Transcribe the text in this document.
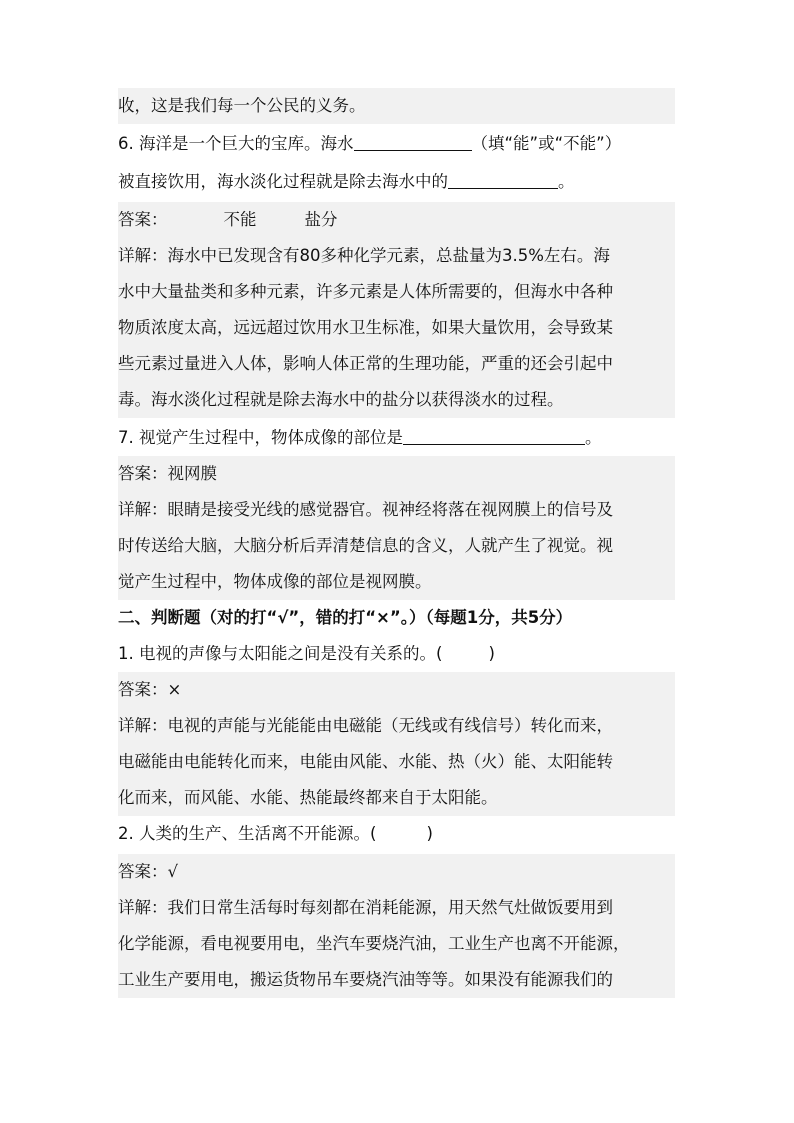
收，这是我们每一个公民的义务。
6. 海洋是一个巨大的宝库。海水	（填“能”或“不能”）
被直接饮用，海水淡化过程就是除去海水中的	。
答案：	不能	盐分
详解：海水中已发现含有80多种化学元素，总盐量为3.5%左右。海
水中大量盐类和多种元素，许多元素是人体所需要的，但海水中各种
物质浓度太高，远远超过饮用水卫生标准，如果大量饮用，会导致某
些元素过量进入人体，影响人体正常的生理功能，严重的还会引起中
毒。海水淡化过程就是除去海水中的盐分以获得淡水的过程。
7. 视觉产生过程中，物体成像的部位是	。
答案：视网膜
详解：眼睛是接受光线的感觉器官。视神经将落在视网膜上的信号及
时传送给大脑，大脑分析后弄清楚信息的含义，人就产生了视觉。视
觉产生过程中，物体成像的部位是视网膜。
二、判断题（对的打“√”，错的打“×”。）（每题1分，共5分）
1. 电视的声像与太阳能之间是没有关系的。(	)
答案：×
详解：电视的声能与光能能由电磁能（无线或有线信号）转化而来，
电磁能由电能转化而来，电能由风能、水能、热（火）能、太阳能转
化而来，而风能、水能、热能最终都来自于太阳能。
2. 人类的生产、生活离不开能源。(	)
答案：√
详解：我们日常生活每时每刻都在消耗能源，用天然气灶做饭要用到
化学能源，看电视要用电，坐汽车要烧汽油，工业生产也离不开能源，
工业生产要用电，搬运货物吊车要烧汽油等等。如果没有能源我们的
